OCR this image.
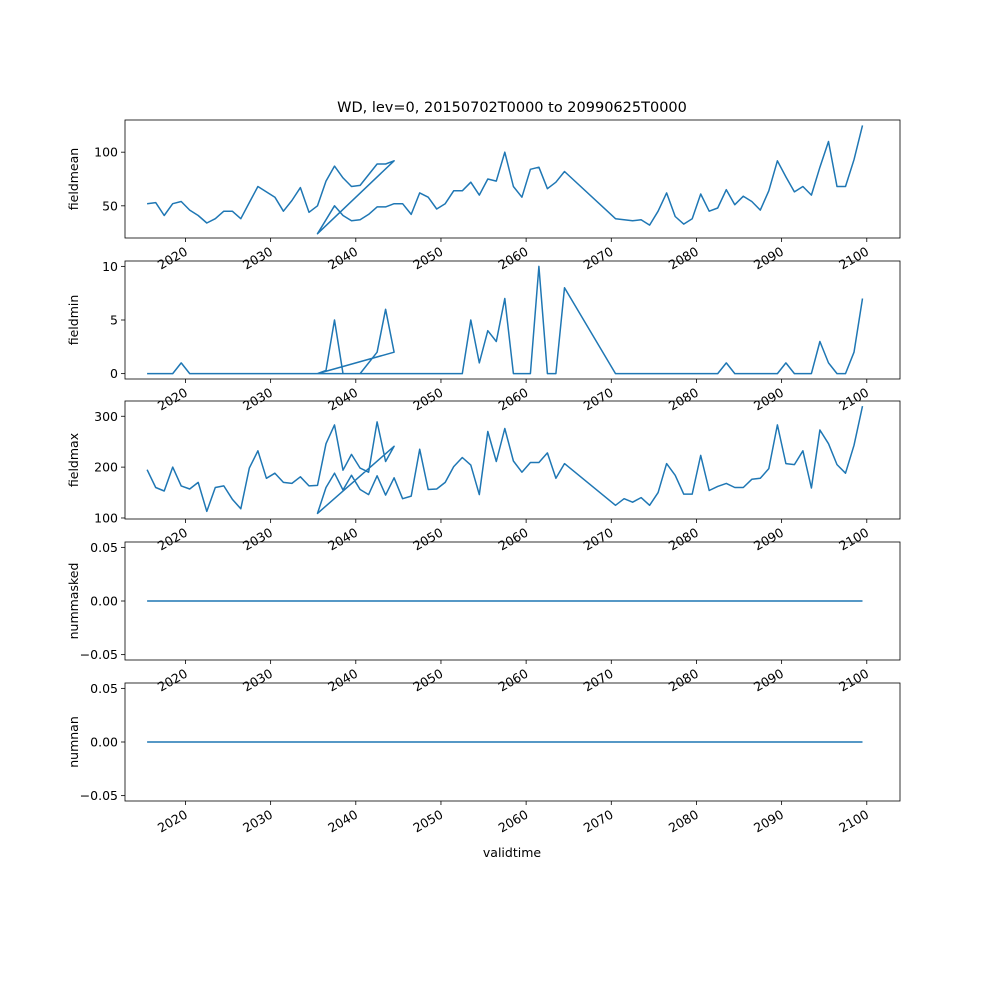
WD, lev=0, 20150702T0000 to 20990625T0000
validtime
50
100
2020	2030	2040	2050	2060	2070	2080	2090	2100
fieldmean
0
5
10
2020	2030	2040	2050	2060	2070	2080	2090	2100
fieldmin
100
200
300
2020	2030	2040	2050	2060	2070	2080	2090	2100
fieldmax
−0.05
0.00
0.05
2020	2030	2040	2050	2060	2070	2080	2090	2100
nummasked
−0.05
0.00
0.05
2020	2030	2040	2050	2060	2070	2080	2090	2100
numnan
